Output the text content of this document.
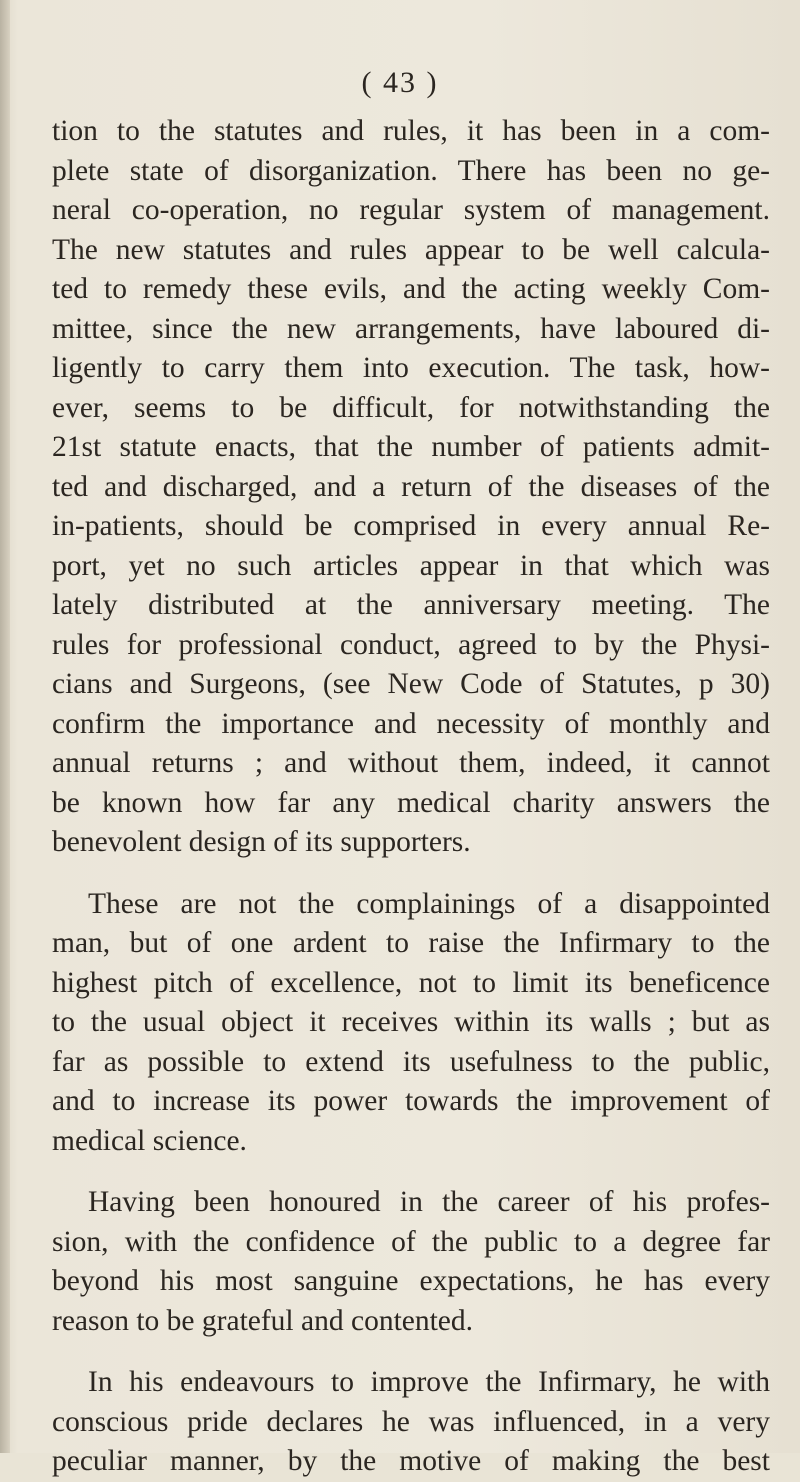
( 43 )

tion to the statutes and rules, it has been in a com-
plete state of disorganization. There has been no ge-
neral co-operation, no regular system of management.
The new statutes and rules appear to be well calcula-
ted to remedy these evils, and the acting weekly Com-
mittee, since the new arrangements, have laboured di-
ligently to carry them into execution. The task, how-
ever, seems to be difficult, for notwithstanding the
21st statute enacts, that the number of patients admit-
ted and discharged, and a return of the diseases of the
in-patients, should be comprised in every annual Re-
port, yet no such articles appear in that which was
lately distributed at the anniversary meeting. The
rules for professional conduct, agreed to by the Physi-
cians and Surgeons, (see New Code of Statutes, p 30)
confirm the importance and necessity of monthly and
annual returns ; and without them, indeed, it cannot
be known how far any medical charity answers the
benevolent design of its supporters.

These are not the complainings of a disappointed
man, but of one ardent to raise the Infirmary to the
highest pitch of excellence, not to limit its beneficence
to the usual object it receives within its walls ; but as
far as possible to extend its usefulness to the public,
and to increase its power towards the improvement of
medical science.

Having been honoured in the career of his profes-
sion, with the confidence of the public to a degree far
beyond his most sanguine expectations, he has every
reason to be grateful and contented.

In his endeavours to improve the Infirmary, he with
conscious pride declares he was influenced, in a very
peculiar manner, by the motive of making the best
